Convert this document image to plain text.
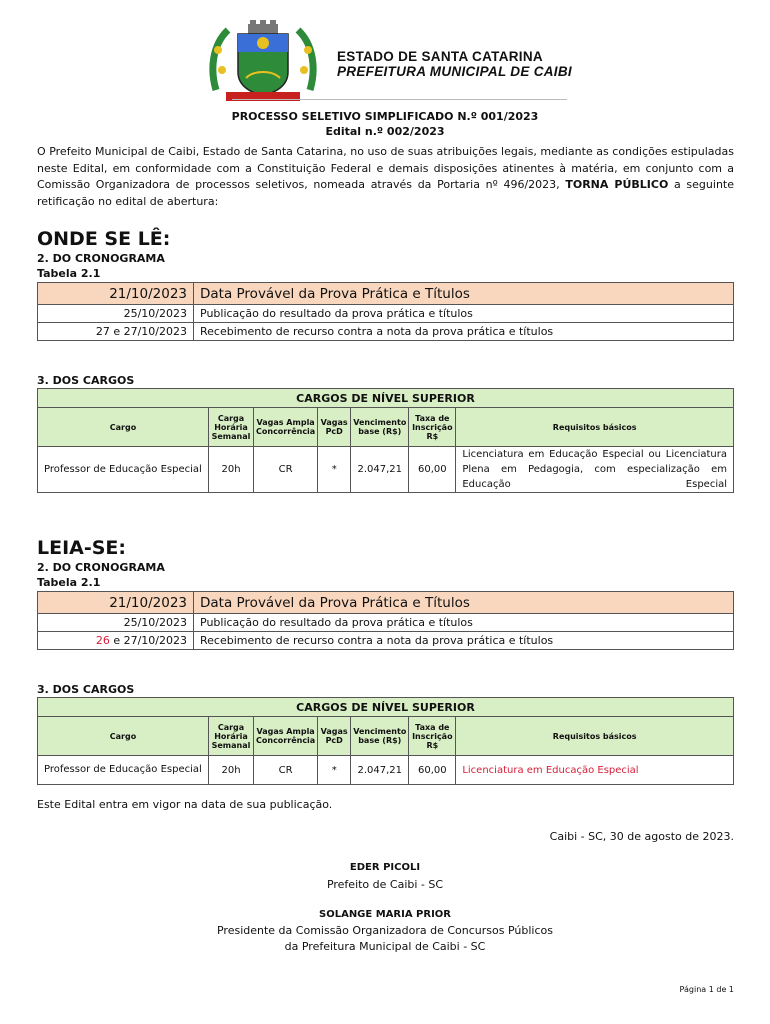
ESTADO DE SANTA CATARINA
PREFEITURA MUNICIPAL DE CAIBI
PROCESSO SELETIVO SIMPLIFICADO N.º 001/2023
Edital n.º 002/2023
O Prefeito Municipal de Caibi, Estado de Santa Catarina, no uso de suas atribuições legais, mediante as condições estipuladas neste Edital, em conformidade com a Constituição Federal e demais disposições atinentes à matéria, em conjunto com a Comissão Organizadora de processos seletivos, nomeada através da Portaria nº 496/2023, TORNA PÚBLICO a seguinte retificação no edital de abertura:
ONDE SE LÊ:
2. DO CRONOGRAMA
Tabela 2.1
21/10/2023	Data Provável da Prova Prática e Títulos
25/10/2023	Publicação do resultado da prova prática e títulos
27 e 27/10/2023	Recebimento de recurso contra a nota da prova prática e títulos
3. DOS CARGOS
CARGOS DE NÍVEL SUPERIOR						
Cargo	Carga Horária Semanal	Vagas Ampla Concorrência	Vagas PcD	Vencimento base (R$)	Taxa de Inscrição R$	Requisitos básicos
Professor de Educação Especial	20h	CR	*	2.047,21	60,00	Licenciatura em Educação Especial ou Licenciatura Plena em Pedagogia, com especialização em Educação Especial
LEIA-SE:
2. DO CRONOGRAMA
Tabela 2.1
21/10/2023	Data Provável da Prova Prática e Títulos
25/10/2023	Publicação do resultado da prova prática e títulos
26 e 27/10/2023	Recebimento de recurso contra a nota da prova prática e títulos
3. DOS CARGOS
CARGOS DE NÍVEL SUPERIOR						
Cargo	Carga Horária Semanal	Vagas Ampla Concorrência	Vagas PcD	Vencimento base (R$)	Taxa de Inscrição R$	Requisitos básicos
Professor de Educação Especial	20h	CR	*	2.047,21	60,00	Licenciatura em Educação Especial
Este Edital entra em vigor na data de sua publicação.
Caibi - SC, 30 de agosto de 2023.
EDER PICOLI
Prefeito de Caibi - SC
SOLANGE MARIA PRIOR
Presidente da Comissão Organizadora de Concursos Públicos
da Prefeitura Municipal de Caibi - SC
Página 1 de 1
